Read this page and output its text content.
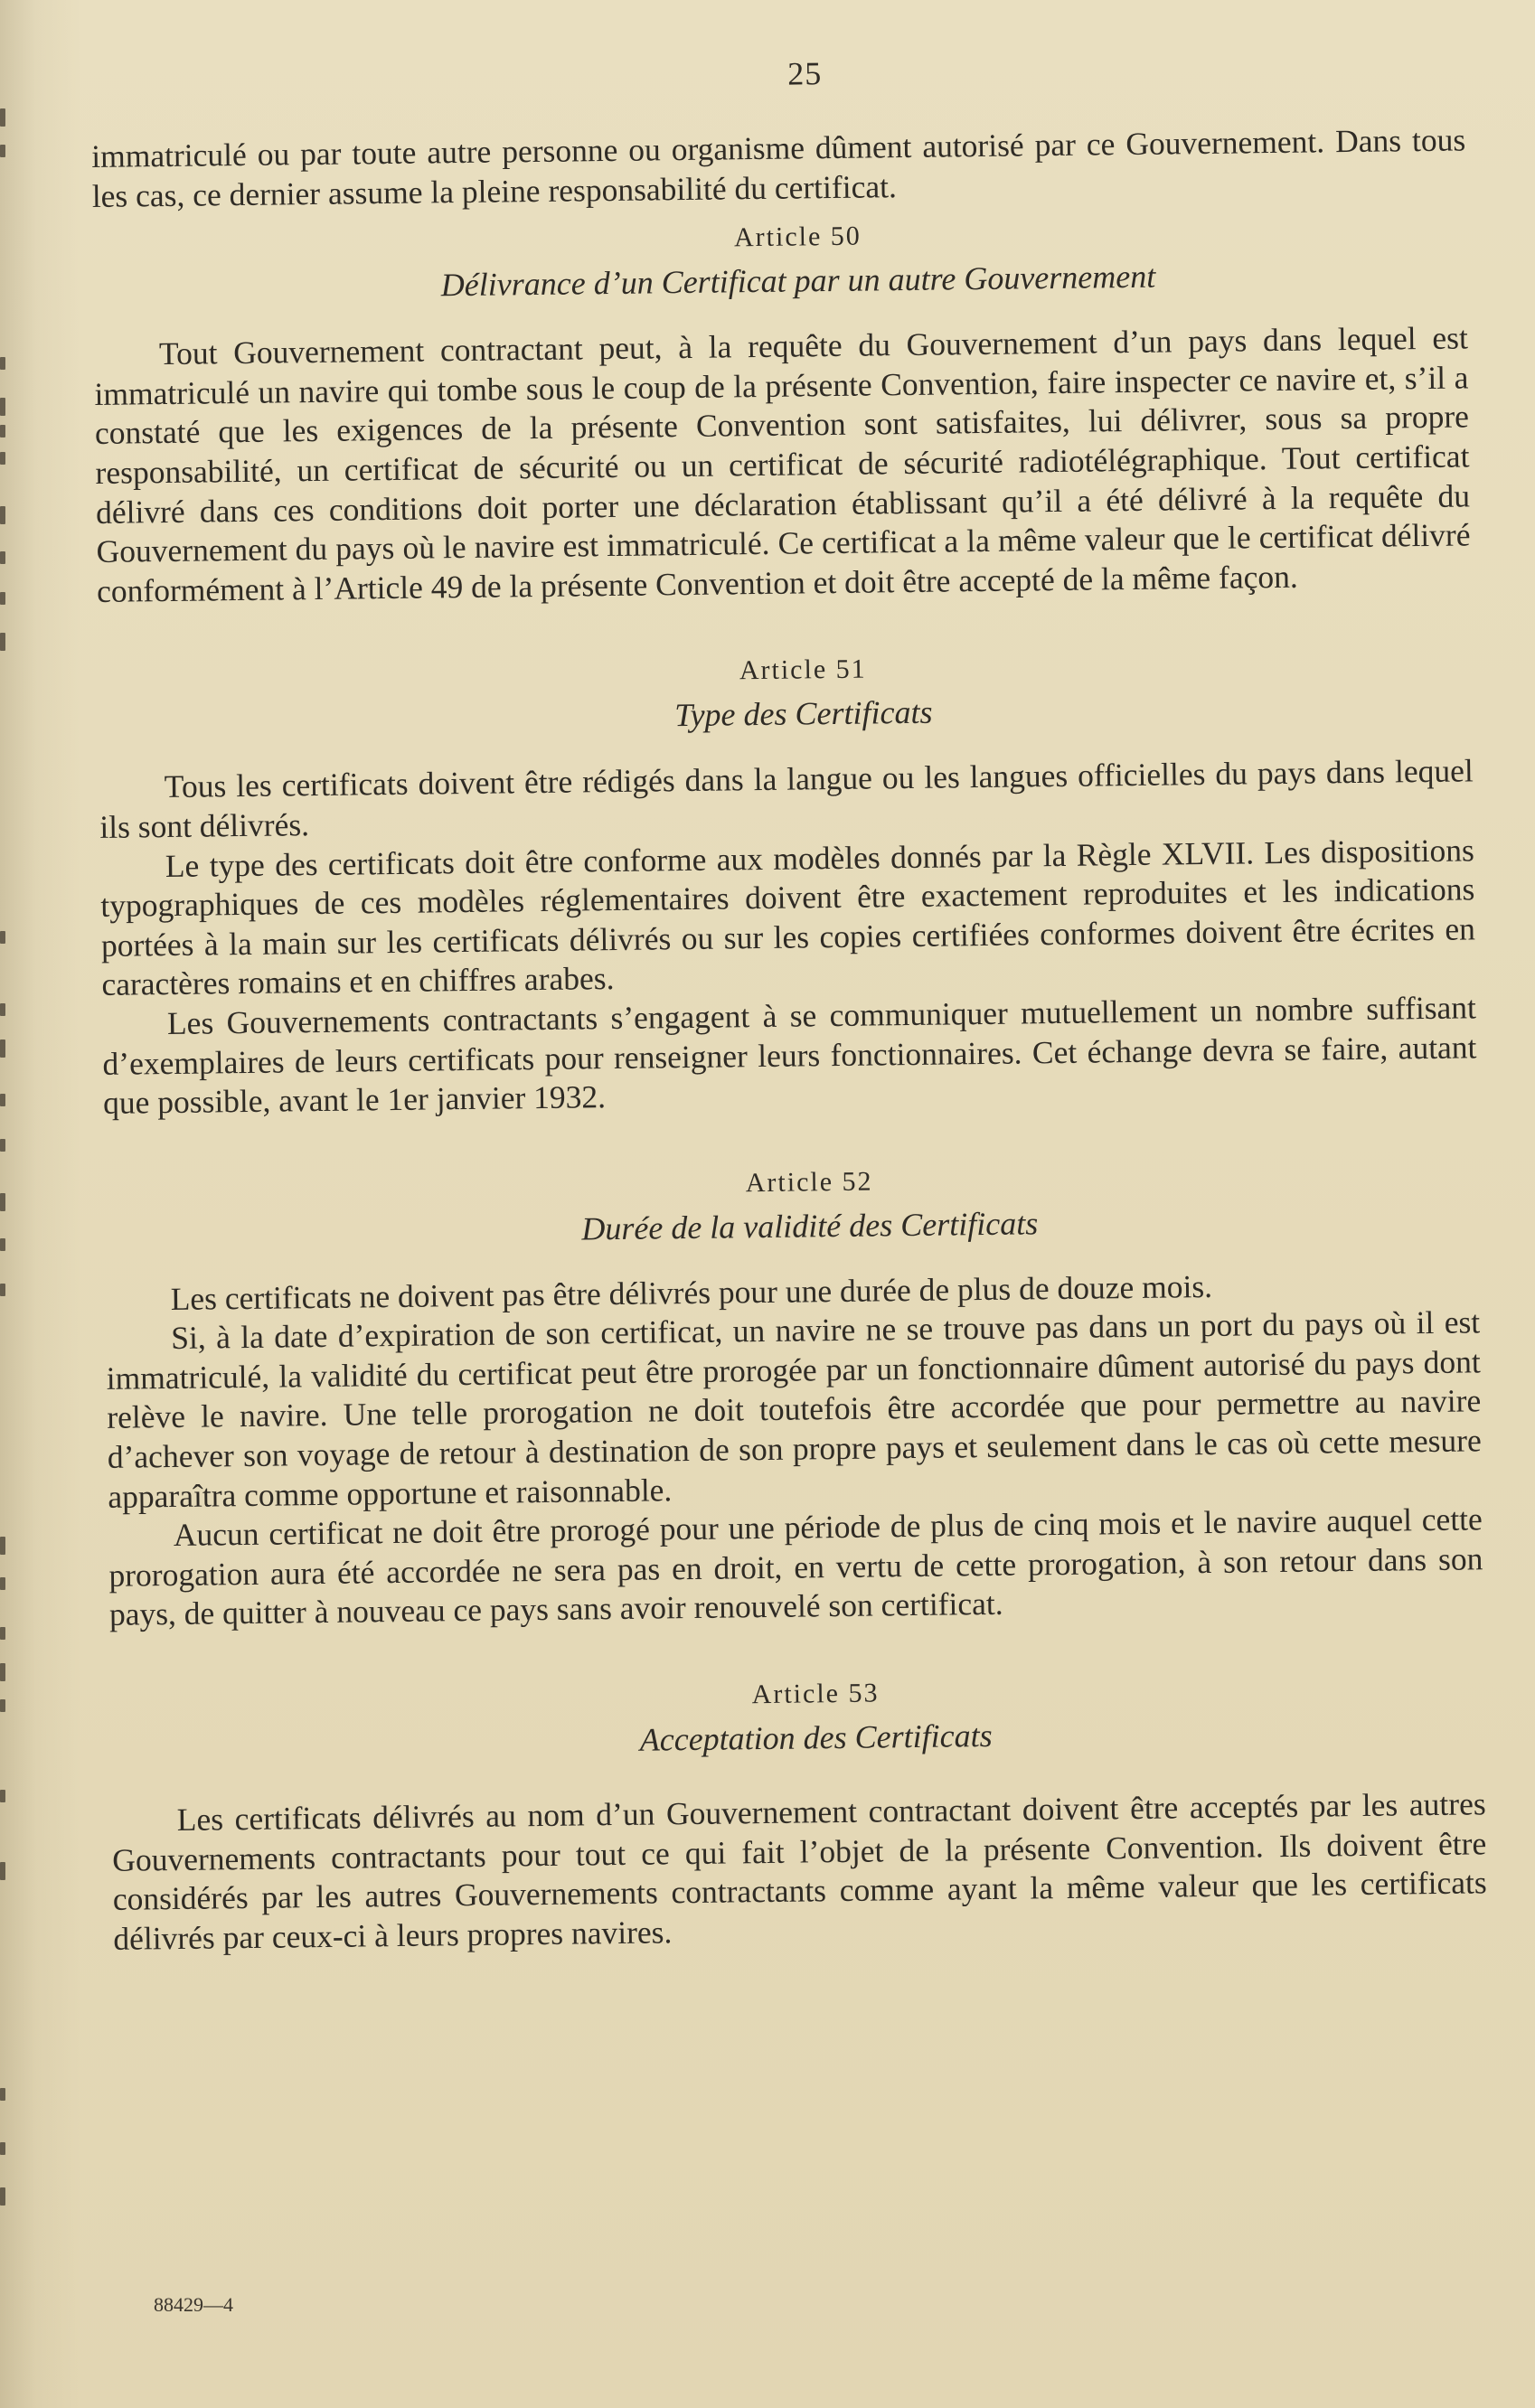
25

immatriculé ou par toute autre personne ou organisme dûment autorisé par ce Gouvernement. Dans tous les cas, ce dernier assume la pleine responsabilité du certificat.

Article 50
Délivrance d’un Certificat par un autre Gouvernement

Tout Gouvernement contractant peut, à la requête du Gouvernement d’un pays dans lequel est immatriculé un navire qui tombe sous le coup de la présente Convention, faire inspecter ce navire et, s’il a constaté que les exigences de la présente Convention sont satisfaites, lui délivrer, sous sa propre responsabilité, un certificat de sécurité ou un certificat de sécurité radiotélégraphique. Tout certificat délivré dans ces conditions doit porter une déclaration établissant qu’il a été délivré à la requête du Gouvernement du pays où le navire est immatriculé. Ce certificat a la même valeur que le certificat délivré conformément à l’Article 49 de la présente Convention et doit être accepté de la même façon.

Article 51
Type des Certificats

Tous les certificats doivent être rédigés dans la langue ou les langues officielles du pays dans lequel ils sont délivrés.

Le type des certificats doit être conforme aux modèles donnés par la Règle XLVII. Les dispositions typographiques de ces modèles réglementaires doivent être exactement reproduites et les indications portées à la main sur les certificats délivrés ou sur les copies certifiées conformes doivent être écrites en caractères romains et en chiffres arabes.

Les Gouvernements contractants s’engagent à se communiquer mutuellement un nombre suffisant d’exemplaires de leurs certificats pour renseigner leurs fonctionnaires. Cet échange devra se faire, autant que possible, avant le 1er janvier 1932.

Article 52
Durée de la validité des Certificats

Les certificats ne doivent pas être délivrés pour une durée de plus de douze mois.

Si, à la date d’expiration de son certificat, un navire ne se trouve pas dans un port du pays où il est immatriculé, la validité du certificat peut être prorogée par un fonctionnaire dûment autorisé du pays dont relève le navire. Une telle prorogation ne doit toutefois être accordée que pour permettre au navire d’achever son voyage de retour à destination de son propre pays et seulement dans le cas où cette mesure apparaîtra comme opportune et raisonnable.

Aucun certificat ne doit être prorogé pour une période de plus de cinq mois et le navire auquel cette prorogation aura été accordée ne sera pas en droit, en vertu de cette prorogation, à son retour dans son pays, de quitter à nouveau ce pays sans avoir renouvelé son certificat.

Article 53
Acceptation des Certificats

Les certificats délivrés au nom d’un Gouvernement contractant doivent être acceptés par les autres Gouvernements contractants pour tout ce qui fait l’objet de la présente Convention. Ils doivent être considérés par les autres Gouvernements contractants comme ayant la même valeur que les certificats délivrés par ceux-ci à leurs propres navires.

88429—4
